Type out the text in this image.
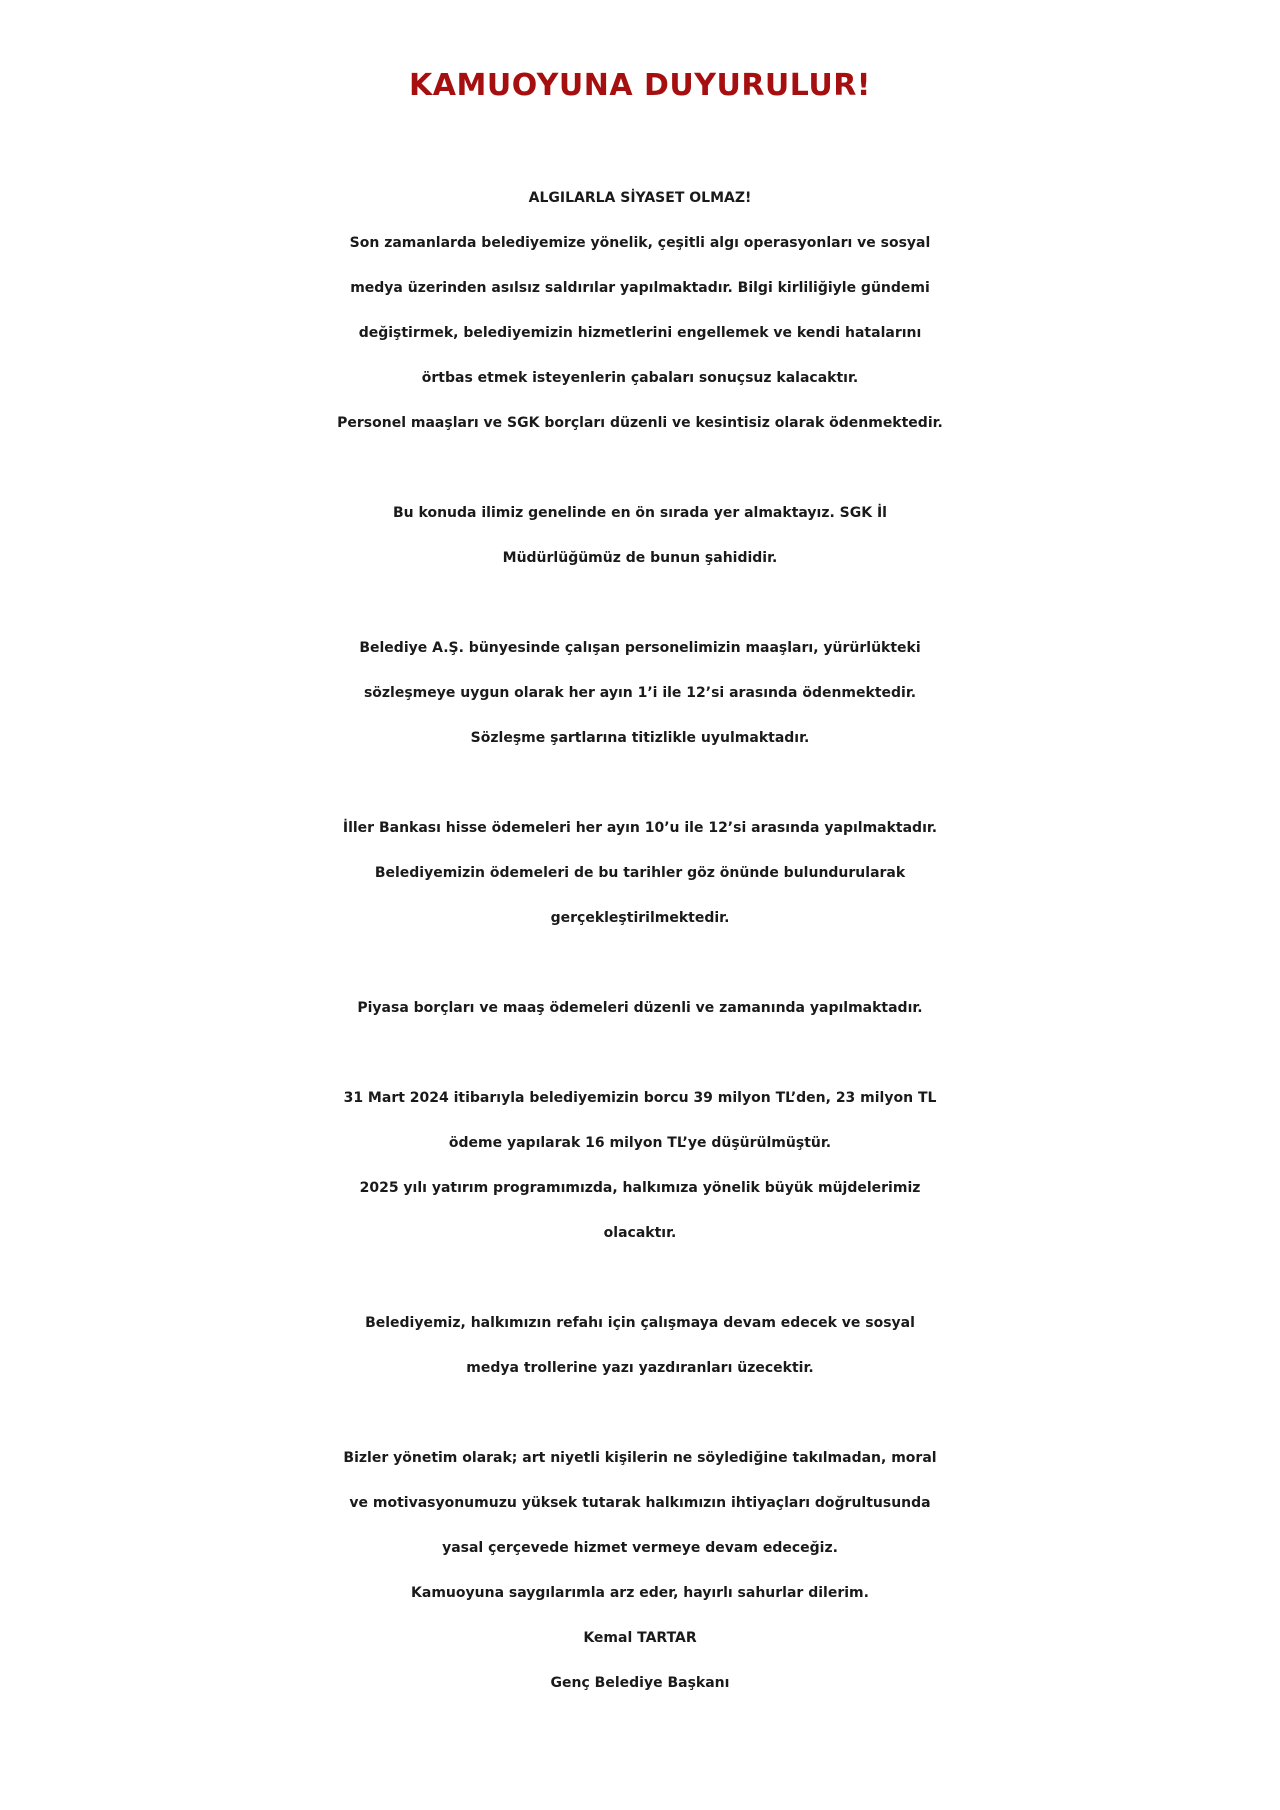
KAMUOYUNA DUYURULUR!
ALGILARLA SİYASET OLMAZ!
Son zamanlarda belediyemize yönelik, çeşitli algı operasyonları ve sosyal
medya üzerinden asılsız saldırılar yapılmaktadır. Bilgi kirliliğiyle gündemi
değiştirmek, belediyemizin hizmetlerini engellemek ve kendi hatalarını
örtbas etmek isteyenlerin çabaları sonuçsuz kalacaktır.
Personel maaşları ve SGK borçları düzenli ve kesintisiz olarak ödenmektedir.
Bu konuda ilimiz genelinde en ön sırada yer almaktayız. SGK İl
Müdürlüğümüz de bunun şahididir.
Belediye A.Ş. bünyesinde çalışan personelimizin maaşları, yürürlükteki
sözleşmeye uygun olarak her ayın 1’i ile 12’si arasında ödenmektedir.
Sözleşme şartlarına titizlikle uyulmaktadır.
İller Bankası hisse ödemeleri her ayın 10’u ile 12’si arasında yapılmaktadır.
Belediyemizin ödemeleri de bu tarihler göz önünde bulundurularak
gerçekleştirilmektedir.
Piyasa borçları ve maaş ödemeleri düzenli ve zamanında yapılmaktadır.
31 Mart 2024 itibarıyla belediyemizin borcu 39 milyon TL’den, 23 milyon TL
ödeme yapılarak 16 milyon TL’ye düşürülmüştür.
2025 yılı yatırım programımızda, halkımıza yönelik büyük müjdelerimiz
olacaktır.
Belediyemiz, halkımızın refahı için çalışmaya devam edecek ve sosyal
medya trollerine yazı yazdıranları üzecektir.
Bizler yönetim olarak; art niyetli kişilerin ne söylediğine takılmadan, moral
ve motivasyonumuzu yüksek tutarak halkımızın ihtiyaçları doğrultusunda
yasal çerçevede hizmet vermeye devam edeceğiz.
Kamuoyuna saygılarımla arz eder, hayırlı sahurlar dilerim.
Kemal TARTAR
Genç Belediye Başkanı
